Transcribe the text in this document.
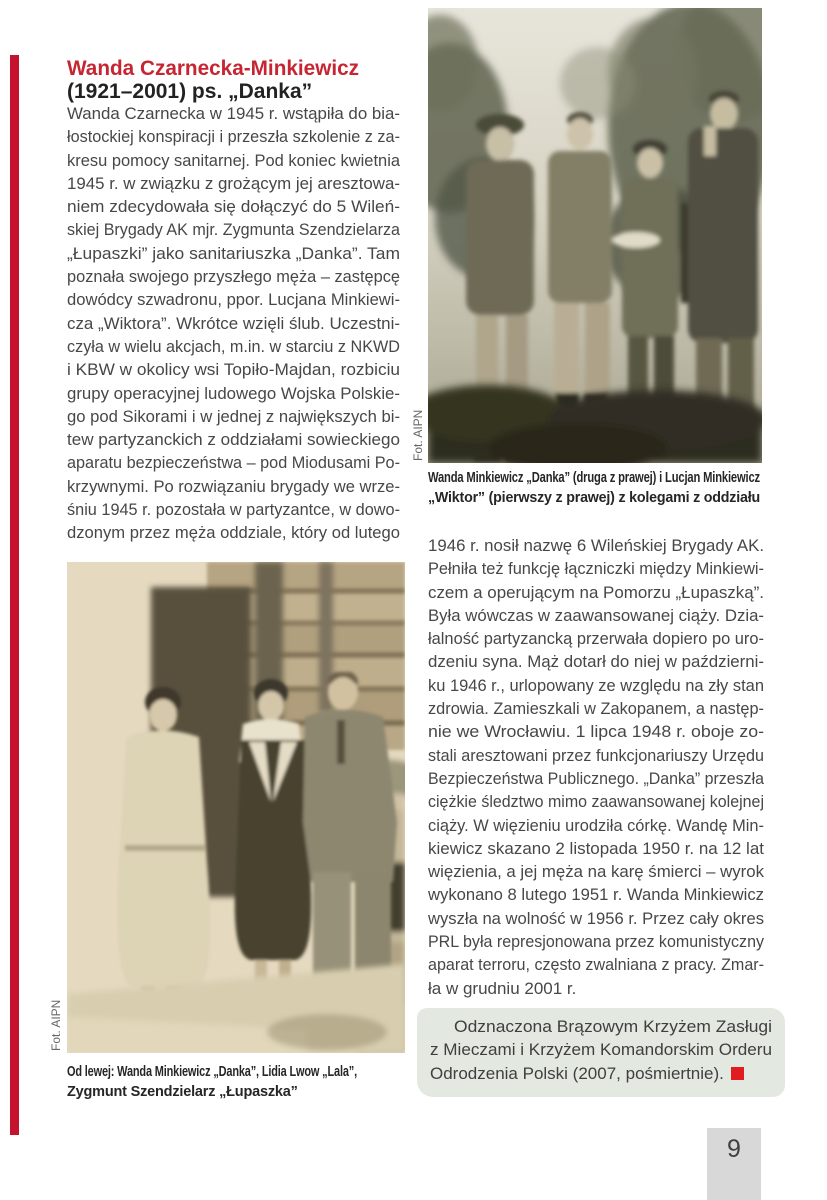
Wanda Czarnecka-Minkiewicz
(1921–2001) ps. „Danka”
Wanda Czarnecka w 1945 r. wstąpiła do bia-
łostockiej konspiracji i przeszła szkolenie z za-
kresu pomocy sanitarnej. Pod koniec kwietnia
1945 r. w związku z grożącym jej aresztowa-
niem zdecydowała się dołączyć do 5 Wileń-
skiej Brygady AK mjr. Zygmunta Szendzielarza
„Łupaszki” jako sanitariuszka „Danka”. Tam
poznała swojego przyszłego męża – zastępcę
dowódcy szwadronu, ppor. Lucjana Minkiewi-
cza „Wiktora”. Wkrótce wzięli ślub. Uczestni-
czyła w wielu akcjach, m.in. w starciu z NKWD
i KBW w okolicy wsi Topiło-Majdan, rozbiciu
grupy operacyjnej ludowego Wojska Polskie-
go pod Sikorami i w jednej z największych bi-
tew partyzanckich z oddziałami sowieckiego
aparatu bezpieczeństwa – pod Miodusami Po-
krzywnymi. Po rozwiązaniu brygady we wrze-
śniu 1945 r. pozostała w partyzantce, w dowo-
dzonym przez męża oddziale, który od lutego
Fot. AIPN
Wanda Minkiewicz „Danka” (druga z prawej) i Lucjan Minkiewicz
„Wiktor” (pierwszy z prawej) z kolegami z oddziału
1946 r. nosił nazwę 6 Wileńskiej Brygady AK.
Pełniła też funkcję łączniczki między Minkiewi-
czem a operującym na Pomorzu „Łupaszką”.
Była wówczas w zaawansowanej ciąży. Dzia-
łalność partyzancką przerwała dopiero po uro-
dzeniu syna. Mąż dotarł do niej w październi-
ku 1946 r., urlopowany ze względu na zły stan
zdrowia. Zamieszkali w Zakopanem, a następ-
nie we Wrocławiu. 1 lipca 1948 r. oboje zo-
stali aresztowani przez funkcjonariuszy Urzędu
Bezpieczeństwa Publicznego. „Danka” przeszła
ciężkie śledztwo mimo zaawansowanej kolejnej
ciąży. W więzieniu urodziła córkę. Wandę Min-
kiewicz skazano 2 listopada 1950 r. na 12 lat
więzienia, a jej męża na karę śmierci – wyrok
wykonano 8 lutego 1951 r. Wanda Minkiewicz
wyszła na wolność w 1956 r. Przez cały okres
PRL była represjonowana przez komunistyczny
aparat terroru, często zwalniana z pracy. Zmar-
ła w grudniu 2001 r.
Fot. AIPN
Od lewej: Wanda Minkiewicz „Danka”, Lidia Lwow „Lala”,
Zygmunt Szendzielarz „Łupaszka”
Odznaczona Brązowym Krzyżem Zasługi
z Mieczami i Krzyżem Komandorskim Orderu
Odrodzenia Polski (2007, pośmiertnie).
9
